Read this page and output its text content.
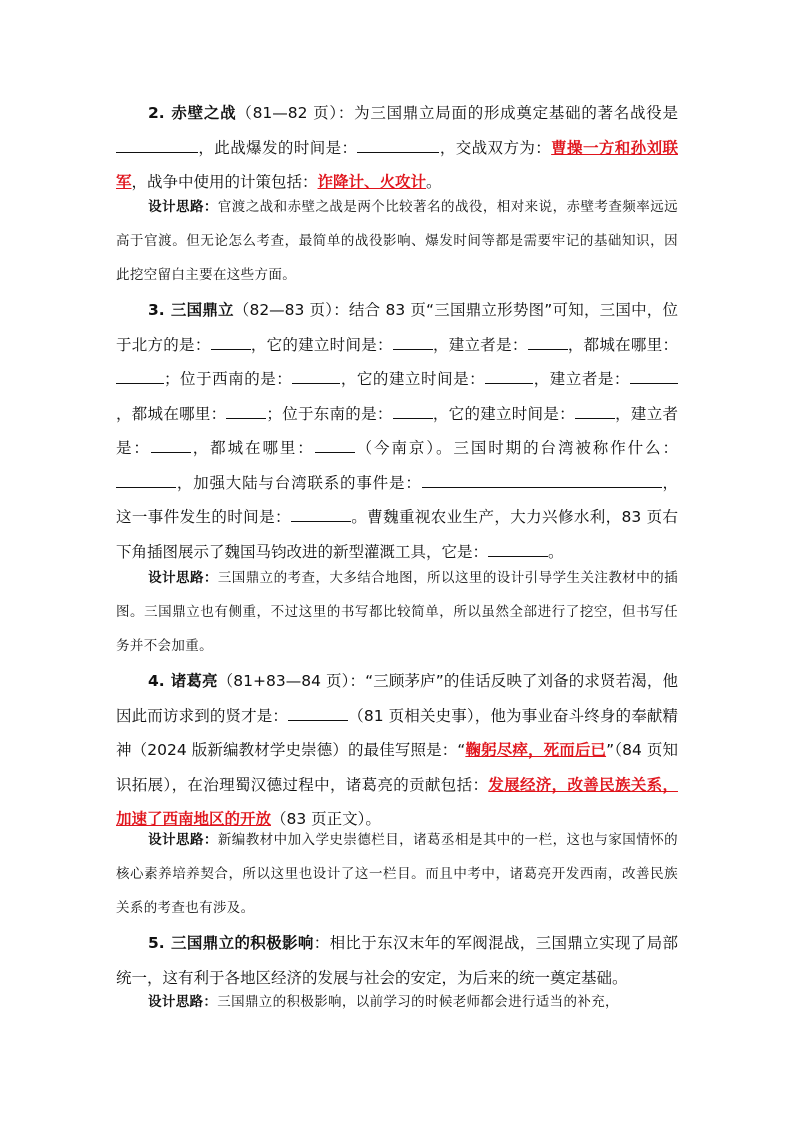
2. 赤壁之战（81—82 页）：为三国鼎立局面的形成奠定基础的著名战役是，此战爆发的时间是：	，交战双方为：曹操一方和孙刘联军，战争中使用的计策包括：诈降计、火攻计。

设计思路：官渡之战和赤壁之战是两个比较著名的战役，相对来说，赤壁考查频率远远高于官渡。但无论怎么考查，最简单的战役影响、爆发时间等都是需要牢记的基础知识，因此挖空留白主要在这些方面。

3. 三国鼎立（82—83 页）：结合 83 页“三国鼎立形势图”可知，三国中，位于北方的是：	，它的建立时间是：	，建立者是：	，都城在哪里：；位于西南的是：	，它的建立时间是：	，建立者是：，都城在哪里：	；位于东南的是：	，它的建立时间是：	，建立者是：	，都城在哪里：	（今南京）。三国时期的台湾被称作什么：，加强大陆与台湾联系的事件是：	，这一事件发生的时间是：	。曹魏重视农业生产，大力兴修水利，83 页右下角插图展示了魏国马钧改进的新型灌溉工具，它是：	。

设计思路：三国鼎立的考查，大多结合地图，所以这里的设计引导学生关注教材中的插图。三国鼎立也有侧重，不过这里的书写都比较简单，所以虽然全部进行了挖空，但书写任务并不会加重。

4. 诸葛亮（81+83—84 页）：“三顾茅庐”的佳话反映了刘备的求贤若渴，他因此而访求到的贤才是：	（81 页相关史事），他为事业奋斗终身的奉献精神（2024 版新编教材学史崇德）的最佳写照是：“鞠躬尽瘁，死而后已”（84 页知识拓展），在治理蜀汉德过程中，诸葛亮的贡献包括：发展经济，改善民族关系，加速了西南地区的开放（83 页正文）。

设计思路：新编教材中加入学史崇德栏目，诸葛丞相是其中的一栏，这也与家国情怀的核心素养培养契合，所以这里也设计了这一栏目。而且中考中，诸葛亮开发西南，改善民族关系的考查也有涉及。

5. 三国鼎立的积极影响：相比于东汉末年的军阀混战，三国鼎立实现了局部统一，这有利于各地区经济的发展与社会的安定，为后来的统一奠定基础。

设计思路：三国鼎立的积极影响，以前学习的时候老师都会进行适当的补充，
